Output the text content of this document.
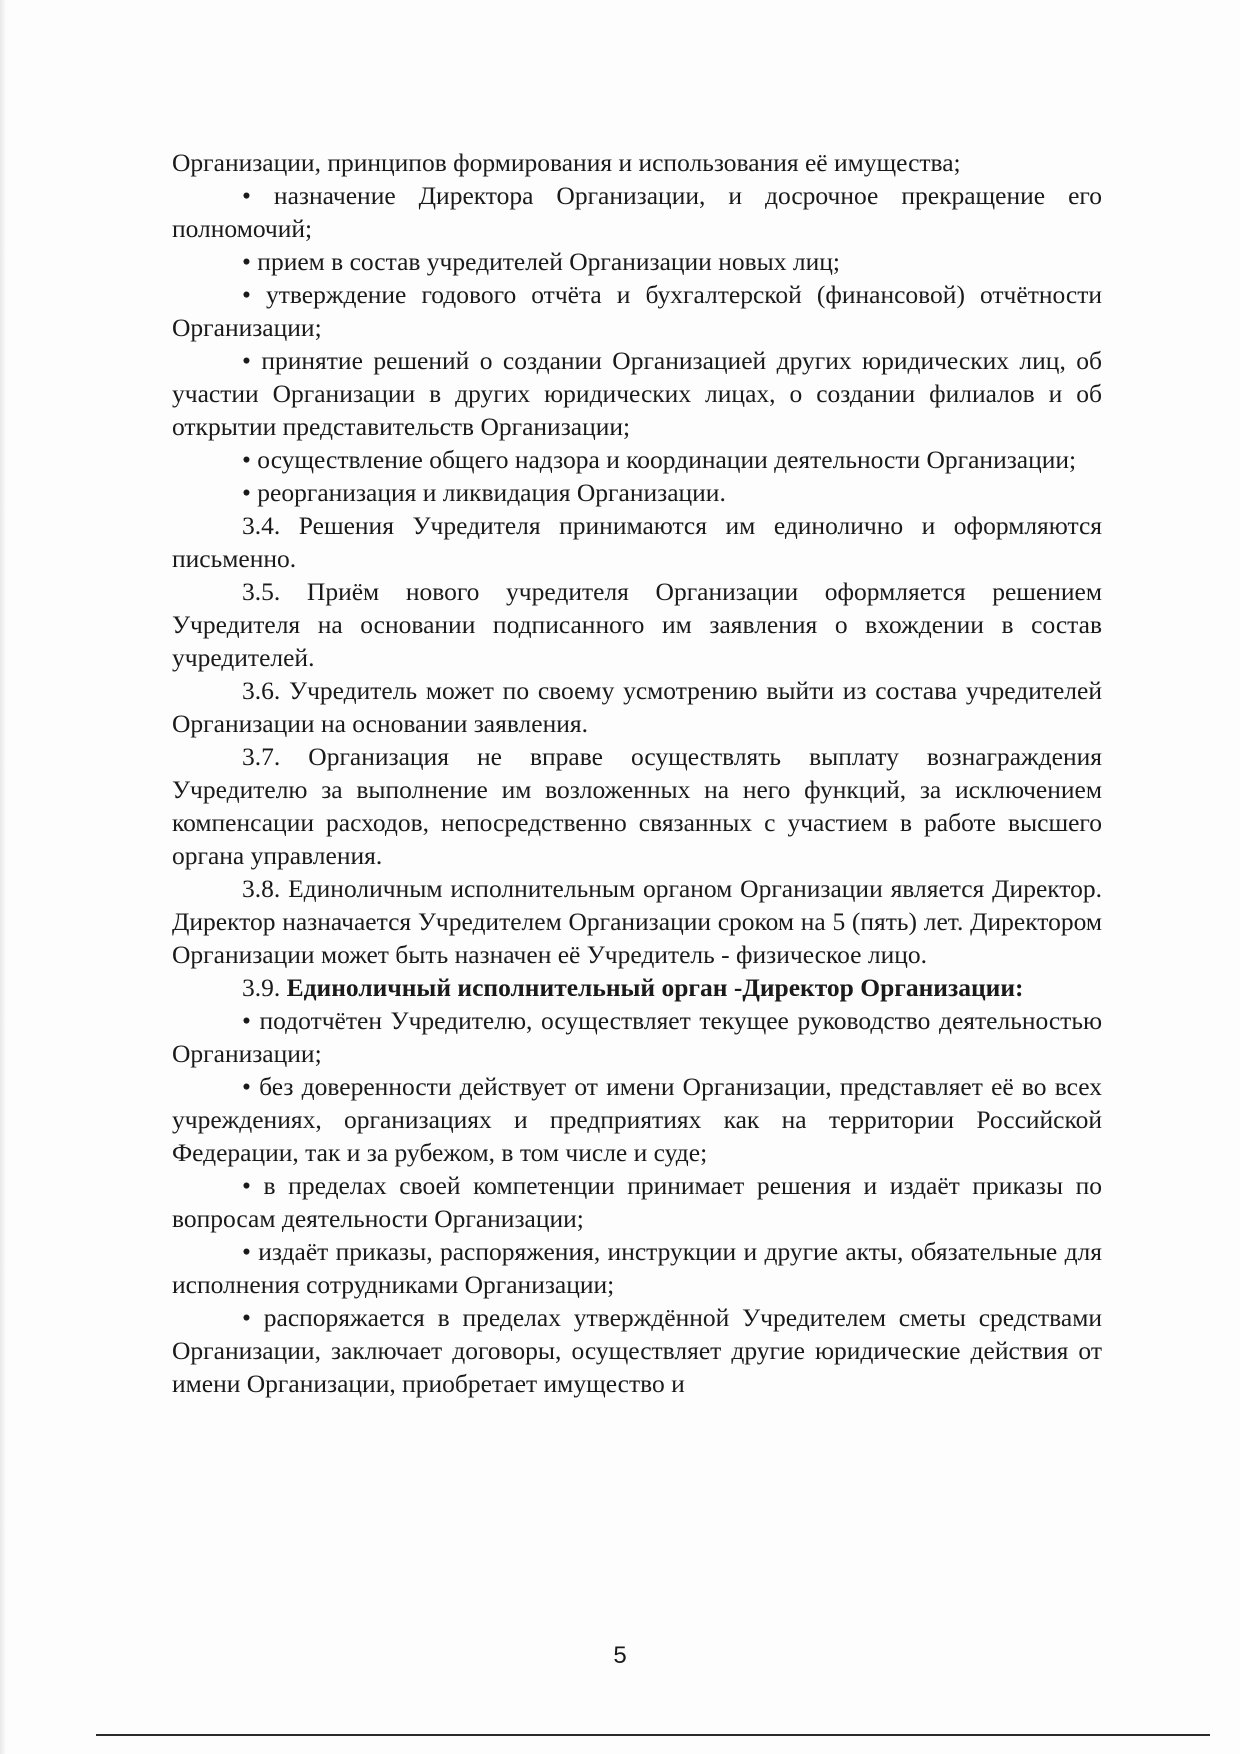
Организации, принципов формирования и использования её имущества;

• назначение Директора Организации, и досрочное прекращение его полномочий;

• прием в состав учредителей Организации новых лиц;

• утверждение годового отчёта и бухгалтерской (финансовой) отчётности Организации;

• принятие решений о создании Организацией других юридических лиц, об участии Организации в других юридических лицах, о создании филиалов и об открытии представительств Организации;

• осуществление общего надзора и координации деятельности Организации;

• реорганизация и ликвидация Организации.

3.4. Решения Учредителя принимаются им единолично и оформляются письменно.

3.5. Приём нового учредителя Организации оформляется решением Учредителя на основании подписанного им заявления о вхождении в состав учредителей.

3.6. Учредитель может по своему усмотрению выйти из состава учредителей Организации на основании заявления.

3.7. Организация не вправе осуществлять выплату вознаграждения Учредителю за выполнение им возложенных на него функций, за исключением компенсации расходов, непосредственно связанных с участием в работе высшего органа управления.

3.8. Единоличным исполнительным органом Организации является Директор. Директор назначается Учредителем Организации сроком на 5 (пять) лет. Директором Организации может быть назначен её Учредитель - физическое лицо.

3.9. Единоличный исполнительный орган -Директор Организации:

• подотчётен Учредителю, осуществляет текущее руководство деятельностью Организации;

• без доверенности действует от имени Организации, представляет её во всех учреждениях, организациях и предприятиях как на территории Российской Федерации, так и за рубежом, в том числе и суде;

• в пределах своей компетенции принимает решения и издаёт приказы по вопросам деятельности Организации;

• издаёт приказы, распоряжения, инструкции и другие акты, обязательные для исполнения сотрудниками Организации;

• распоряжается в пределах утверждённой Учредителем сметы средствами Организации, заключает договоры, осуществляет другие юридические действия от имени Организации, приобретает имущество и

5
